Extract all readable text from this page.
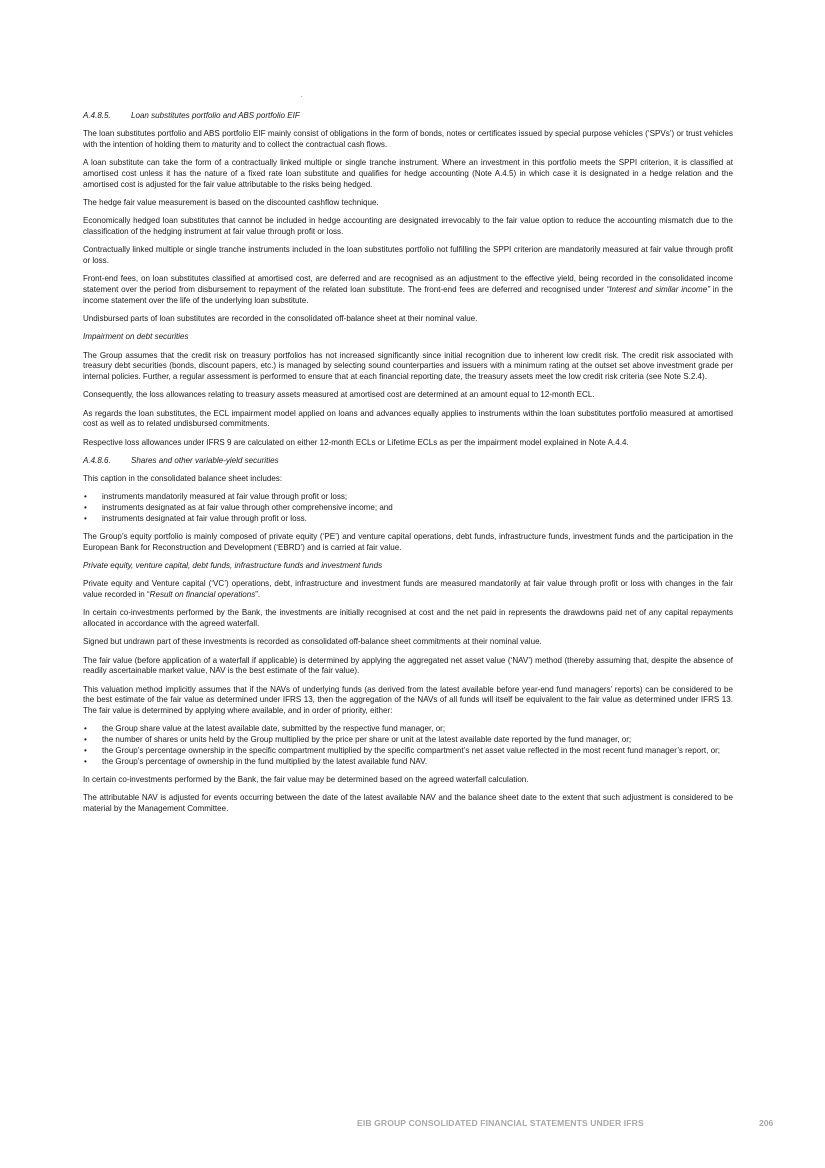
.

A.4.8.5.	Loan substitutes portfolio and ABS portfolio EIF

The loan substitutes portfolio and ABS portfolio EIF mainly consist of obligations in the form of bonds, notes or certificates issued by special purpose vehicles (‘SPVs’) or trust vehicles with the intention of holding them to maturity and to collect the contractual cash flows.

A loan substitute can take the form of a contractually linked multiple or single tranche instrument. Where an investment in this portfolio meets the SPPI criterion, it is classified at amortised cost unless it has the nature of a fixed rate loan substitute and qualifies for hedge accounting (Note A.4.5) in which case it is designated in a hedge relation and the amortised cost is adjusted for the fair value attributable to the risks being hedged.

The hedge fair value measurement is based on the discounted cashflow technique.

Economically hedged loan substitutes that cannot be included in hedge accounting are designated irrevocably to the fair value option to reduce the accounting mismatch due to the classification of the hedging instrument at fair value through profit or loss.

Contractually linked multiple or single tranche instruments included in the loan substitutes portfolio not fulfilling the SPPI criterion are mandatorily measured at fair value through profit or loss.

Front-end fees, on loan substitutes classified at amortised cost, are deferred and are recognised as an adjustment to the effective yield, being recorded in the consolidated income statement over the period from disbursement to repayment of the related loan substitute. The front-end fees are deferred and recognised under “Interest and similar income” in the income statement over the life of the underlying loan substitute.

Undisbursed parts of loan substitutes are recorded in the consolidated off-balance sheet at their nominal value.

Impairment on debt securities

The Group assumes that the credit risk on treasury portfolios has not increased significantly since initial recognition due to inherent low credit risk. The credit risk associated with treasury debt securities (bonds, discount papers, etc.) is managed by selecting sound counterparties and issuers with a minimum rating at the outset set above investment grade per internal policies. Further, a regular assessment is performed to ensure that at each financial reporting date, the treasury assets meet the low credit risk criteria (see Note S.2.4).

Consequently, the loss allowances relating to treasury assets measured at amortised cost are determined at an amount equal to 12-month ECL.

As regards the loan substitutes, the ECL impairment model applied on loans and advances equally applies to instruments within the loan substitutes portfolio measured at amortised cost as well as to related undisbursed commitments.

Respective loss allowances under IFRS 9 are calculated on either 12-month ECLs or Lifetime ECLs as per the impairment model explained in Note A.4.4.

A.4.8.6.	Shares and other variable-yield securities

This caption in the consolidated balance sheet includes:

• instruments mandatorily measured at fair value through profit or loss;
• instruments designated as at fair value through other comprehensive income; and
• instruments designated at fair value through profit or loss.

The Group’s equity portfolio is mainly composed of private equity (‘PE’) and venture capital operations, debt funds, infrastructure funds, investment funds and the participation in the European Bank for Reconstruction and Development (‘EBRD’) and is carried at fair value.

Private equity, venture capital, debt funds, infrastructure funds and investment funds

Private equity and Venture capital (‘VC’) operations, debt, infrastructure and investment funds are measured mandatorily at fair value through profit or loss with changes in the fair value recorded in “Result on financial operations”.

In certain co-investments performed by the Bank, the investments are initially recognised at cost and the net paid in represents the drawdowns paid net of any capital repayments allocated in accordance with the agreed waterfall.

Signed but undrawn part of these investments is recorded as consolidated off-balance sheet commitments at their nominal value.

The fair value (before application of a waterfall if applicable) is determined by applying the aggregated net asset value (‘NAV’) method (thereby assuming that, despite the absence of readily ascertainable market value, NAV is the best estimate of the fair value).

This valuation method implicitly assumes that if the NAVs of underlying funds (as derived from the latest available before year-end fund managers’ reports) can be considered to be the best estimate of the fair value as determined under IFRS 13, then the aggregation of the NAVs of all funds will itself be equivalent to the fair value as determined under IFRS 13. The fair value is determined by applying where available, and in order of priority, either:

• the Group share value at the latest available date, submitted by the respective fund manager, or;
• the number of shares or units held by the Group multiplied by the price per share or unit at the latest available date reported by the fund manager, or;
• the Group’s percentage ownership in the specific compartment multiplied by the specific compartment’s net asset value reflected in the most recent fund manager’s report, or;
• the Group’s percentage of ownership in the fund multiplied by the latest available fund NAV.

In certain co-investments performed by the Bank, the fair value may be determined based on the agreed waterfall calculation.

The attributable NAV is adjusted for events occurring between the date of the latest available NAV and the balance sheet date to the extent that such adjustment is considered to be material by the Management Committee.

EIB GROUP CONSOLIDATED FINANCIAL STATEMENTS UNDER IFRS	206
